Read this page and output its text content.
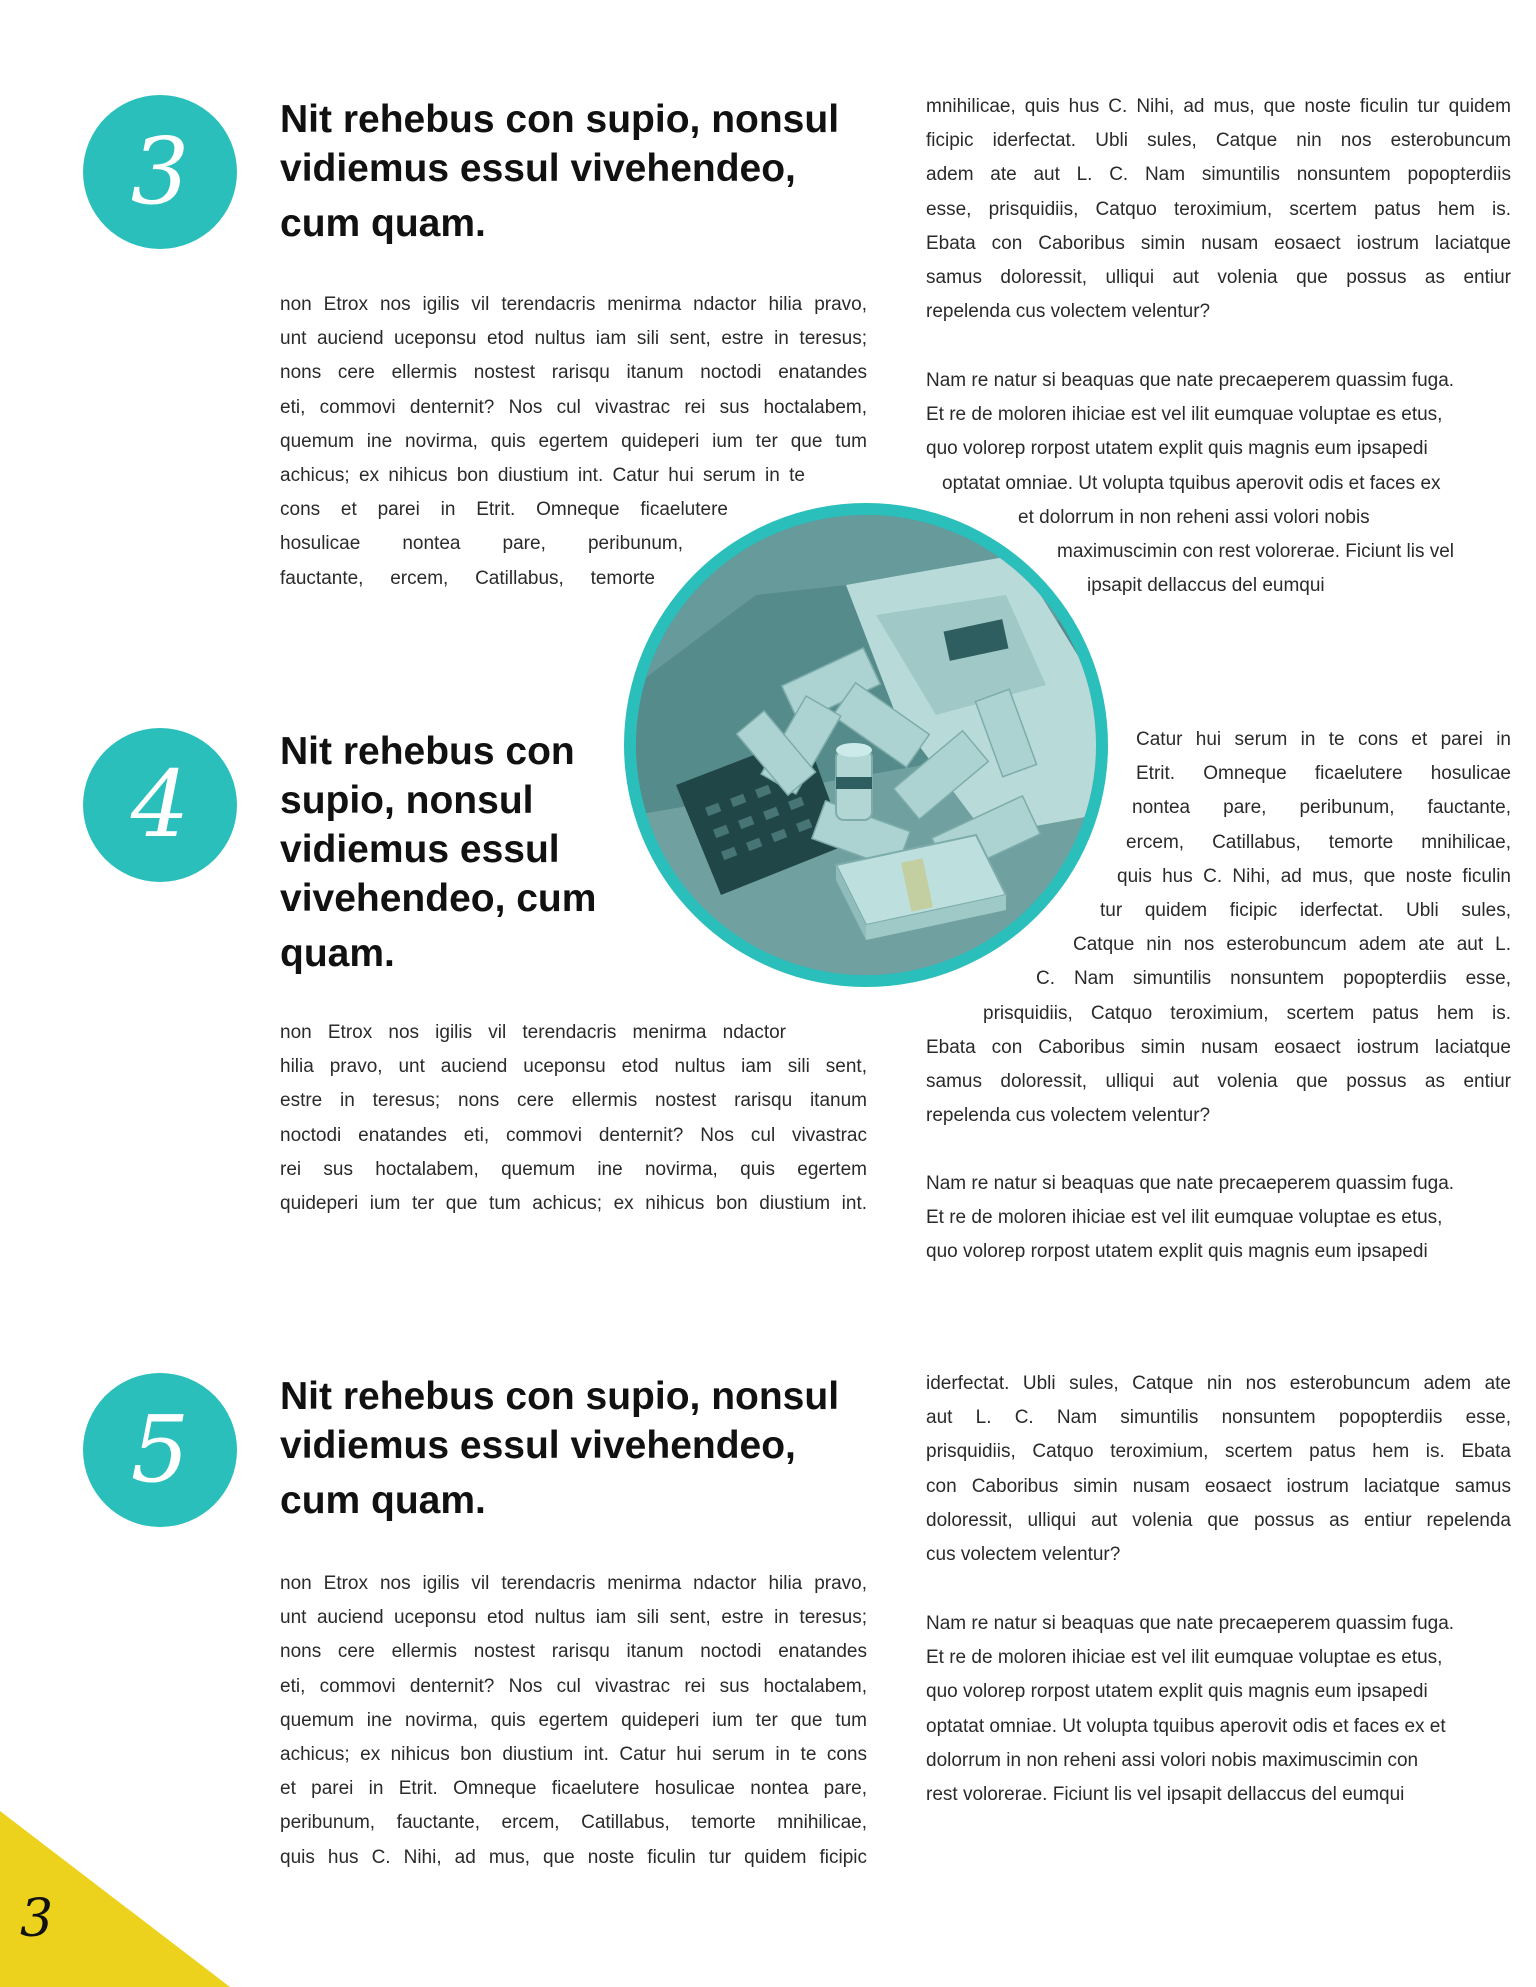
3 Nit rehebus con supio, nonsul
vidiemus essul vivehendeo,
cum quam.
non Etrox nos igilis vil terendacris menirma ndactor hilia pravo,
unt auciend uceponsu etod nultus iam sili sent, estre in teresus;
nons cere ellermis nostest rarisqu itanum noctodi enatandes
eti, commovi denternit? Nos cul vivastrac rei sus hoctalabem,
quemum ine novirma, quis egertem quideperi ium ter que tum
achicus; ex nihicus bon diustium int. Catur hui serum in te
cons et parei in Etrit. Omneque ficaelutere
hosulicae nontea pare, peribunum,
fauctante, ercem, Catillabus, temorte
mnihilicae, quis hus C. Nihi, ad mus, que noste ficulin tur quidem
ficipic iderfectat. Ubli sules, Catque nin nos esterobuncum
adem ate aut L. C. Nam simuntilis nonsuntem popopterdiis
esse, prisquidiis, Catquo teroximium, scertem patus hem is.
Ebata con Caboribus simin nusam eosaect iostrum laciatque
samus doloressit, ulliqui aut volenia que possus as entiur
repelenda cus volectem velentur?
Nam re natur si beaquas que nate precaeperem quassim fuga.
Et re de moloren ihiciae est vel ilit eumquae voluptae es etus,
quo volorep rorpost utatem explit quis magnis eum ipsapedi
optatat omniae. Ut volupta tquibus aperovit odis et faces ex
et dolorrum in non reheni assi volori nobis
maximuscimin con rest volorerae. Ficiunt lis vel
ipsapit dellaccus del eumqui
4 Nit rehebus con
supio, nonsul
vidiemus essul
vivehendeo, cum
quam.
non Etrox nos igilis vil terendacris menirma ndactor
hilia pravo, unt auciend uceponsu etod nultus iam sili sent,
estre in teresus; nons cere ellermis nostest rarisqu itanum
noctodi enatandes eti, commovi denternit? Nos cul vivastrac
rei sus hoctalabem, quemum ine novirma, quis egertem
quideperi ium ter que tum achicus; ex nihicus bon diustium int.
Catur hui serum in te cons et parei in
Etrit. Omneque ficaelutere hosulicae
nontea pare, peribunum, fauctante,
ercem, Catillabus, temorte mnihilicae,
quis hus C. Nihi, ad mus, que noste ficulin
tur quidem ficipic iderfectat. Ubli sules,
Catque nin nos esterobuncum adem ate aut L.
C. Nam simuntilis nonsuntem popopterdiis esse,
prisquidiis, Catquo teroximium, scertem patus hem is.
Ebata con Caboribus simin nusam eosaect iostrum laciatque
samus doloressit, ulliqui aut volenia que possus as entiur
repelenda cus volectem velentur?
Nam re natur si beaquas que nate precaeperem quassim fuga.
Et re de moloren ihiciae est vel ilit eumquae voluptae es etus,
quo volorep rorpost utatem explit quis magnis eum ipsapedi
5 Nit rehebus con supio, nonsul
vidiemus essul vivehendeo,
cum quam.
non Etrox nos igilis vil terendacris menirma ndactor hilia pravo,
unt auciend uceponsu etod nultus iam sili sent, estre in teresus;
nons cere ellermis nostest rarisqu itanum noctodi enatandes
eti, commovi denternit? Nos cul vivastrac rei sus hoctalabem,
quemum ine novirma, quis egertem quideperi ium ter que tum
achicus; ex nihicus bon diustium int. Catur hui serum in te cons
et parei in Etrit. Omneque ficaelutere hosulicae nontea pare,
peribunum, fauctante, ercem, Catillabus, temorte mnihilicae,
quis hus C. Nihi, ad mus, que noste ficulin tur quidem ficipic
iderfectat. Ubli sules, Catque nin nos esterobuncum adem ate
aut L. C. Nam simuntilis nonsuntem popopterdiis esse,
prisquidiis, Catquo teroximium, scertem patus hem is. Ebata
con Caboribus simin nusam eosaect iostrum laciatque samus
doloressit, ulliqui aut volenia que possus as entiur repelenda
cus volectem velentur?
Nam re natur si beaquas que nate precaeperem quassim fuga.
Et re de moloren ihiciae est vel ilit eumquae voluptae es etus,
quo volorep rorpost utatem explit quis magnis eum ipsapedi
optatat omniae. Ut volupta tquibus aperovit odis et faces ex et
dolorrum in non reheni assi volori nobis maximuscimin con
rest volorerae. Ficiunt lis vel ipsapit dellaccus del eumqui
3
